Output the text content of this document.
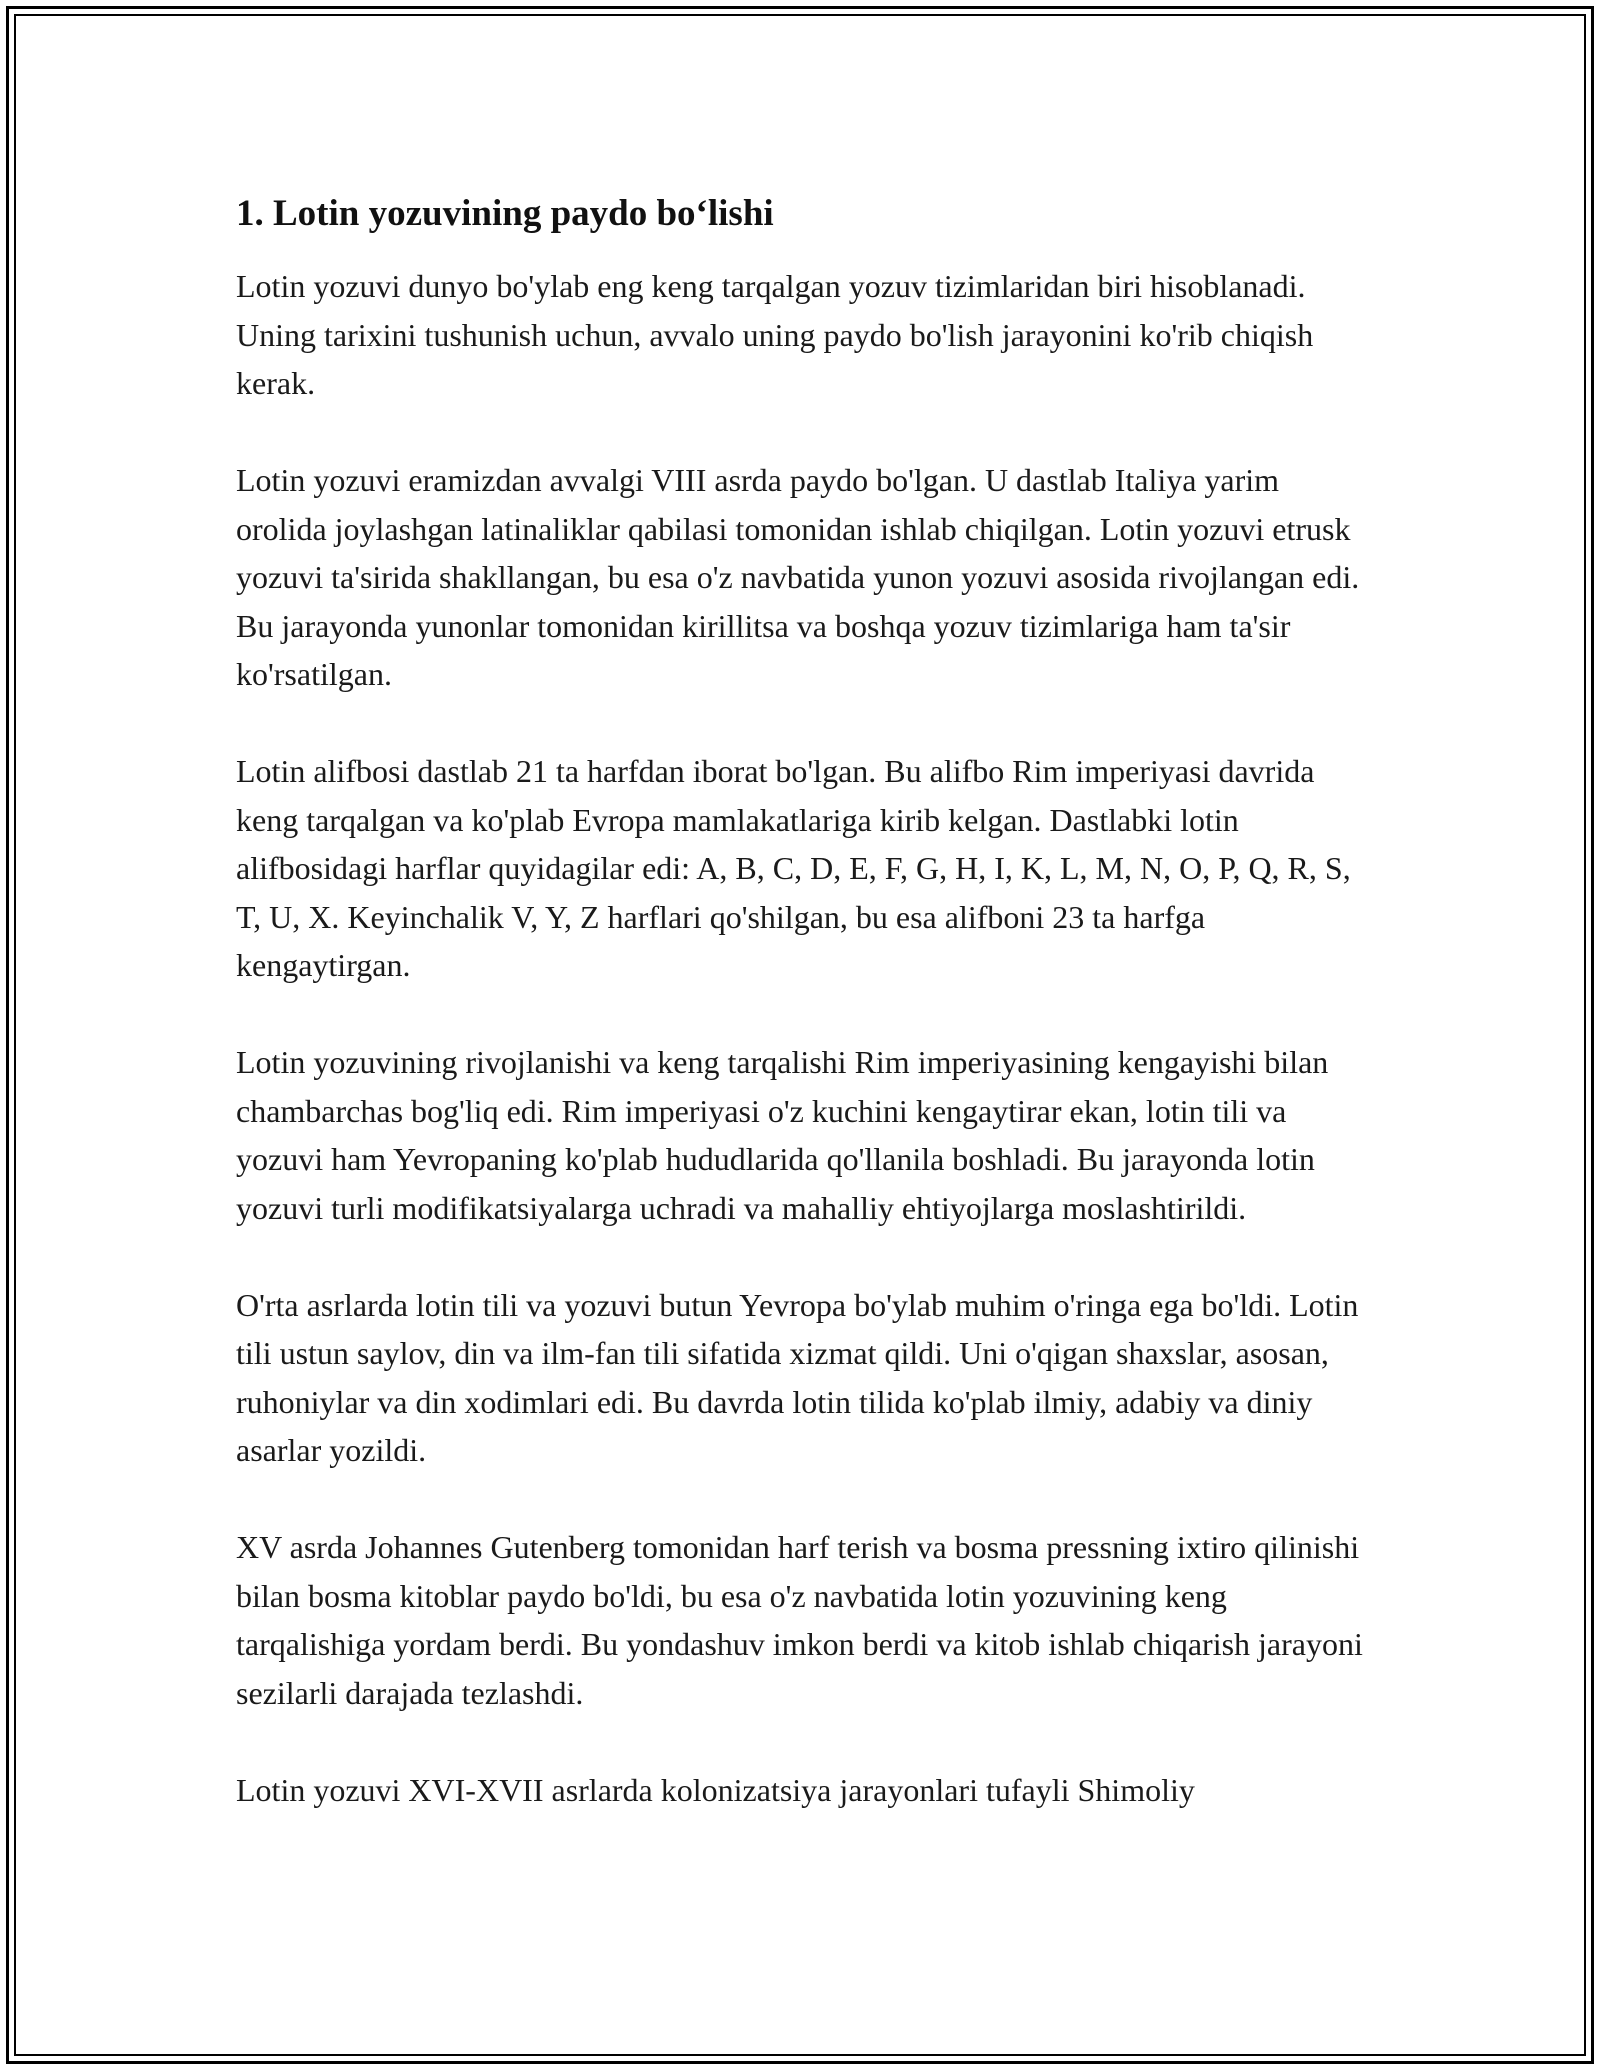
1. Lotin yozuvining paydo bo‘lishi

Lotin yozuvi dunyo bo'ylab eng keng tarqalgan yozuv tizimlaridan biri hisoblanadi. Uning tarixini tushunish uchun, avvalo uning paydo bo'lish jarayonini ko'rib chiqish kerak.

Lotin yozuvi eramizdan avvalgi VIII asrda paydo bo'lgan. U dastlab Italiya yarim orolida joylashgan latinaliklar qabilasi tomonidan ishlab chiqilgan. Lotin yozuvi etrusk yozuvi ta'sirida shakllangan, bu esa o'z navbatida yunon yozuvi asosida rivojlangan edi. Bu jarayonda yunonlar tomonidan kirillitsa va boshqa yozuv tizimlariga ham ta'sir ko'rsatilgan.

Lotin alifbosi dastlab 21 ta harfdan iborat bo'lgan. Bu alifbo Rim imperiyasi davrida keng tarqalgan va ko'plab Evropa mamlakatlariga kirib kelgan. Dastlabki lotin alifbosidagi harflar quyidagilar edi: A, B, C, D, E, F, G, H, I, K, L, M, N, O, P, Q, R, S, T, U, X. Keyinchalik V, Y, Z harflari qo'shilgan, bu esa alifboni 23 ta harfga kengaytirgan.

Lotin yozuvining rivojlanishi va keng tarqalishi Rim imperiyasining kengayishi bilan chambarchas bog'liq edi. Rim imperiyasi o'z kuchini kengaytirar ekan, lotin tili va yozuvi ham Yevropaning ko'plab hududlarida qo'llanila boshladi. Bu jarayonda lotin yozuvi turli modifikatsiyalarga uchradi va mahalliy ehtiyojlarga moslashtirildi.

O'rta asrlarda lotin tili va yozuvi butun Yevropa bo'ylab muhim o'ringa ega bo'ldi. Lotin tili ustun saylov, din va ilm-fan tili sifatida xizmat qildi. Uni o'qigan shaxslar, asosan, ruhoniylar va din xodimlari edi. Bu davrda lotin tilida ko'plab ilmiy, adabiy va diniy asarlar yozildi.

XV asrda Johannes Gutenberg tomonidan harf terish va bosma pressning ixtiro qilinishi bilan bosma kitoblar paydo bo'ldi, bu esa o'z navbatida lotin yozuvining keng tarqalishiga yordam berdi. Bu yondashuv imkon berdi va kitob ishlab chiqarish jarayoni sezilarli darajada tezlashdi.

Lotin yozuvi XVI-XVII asrlarda kolonizatsiya jarayonlari tufayli Shimoliy
